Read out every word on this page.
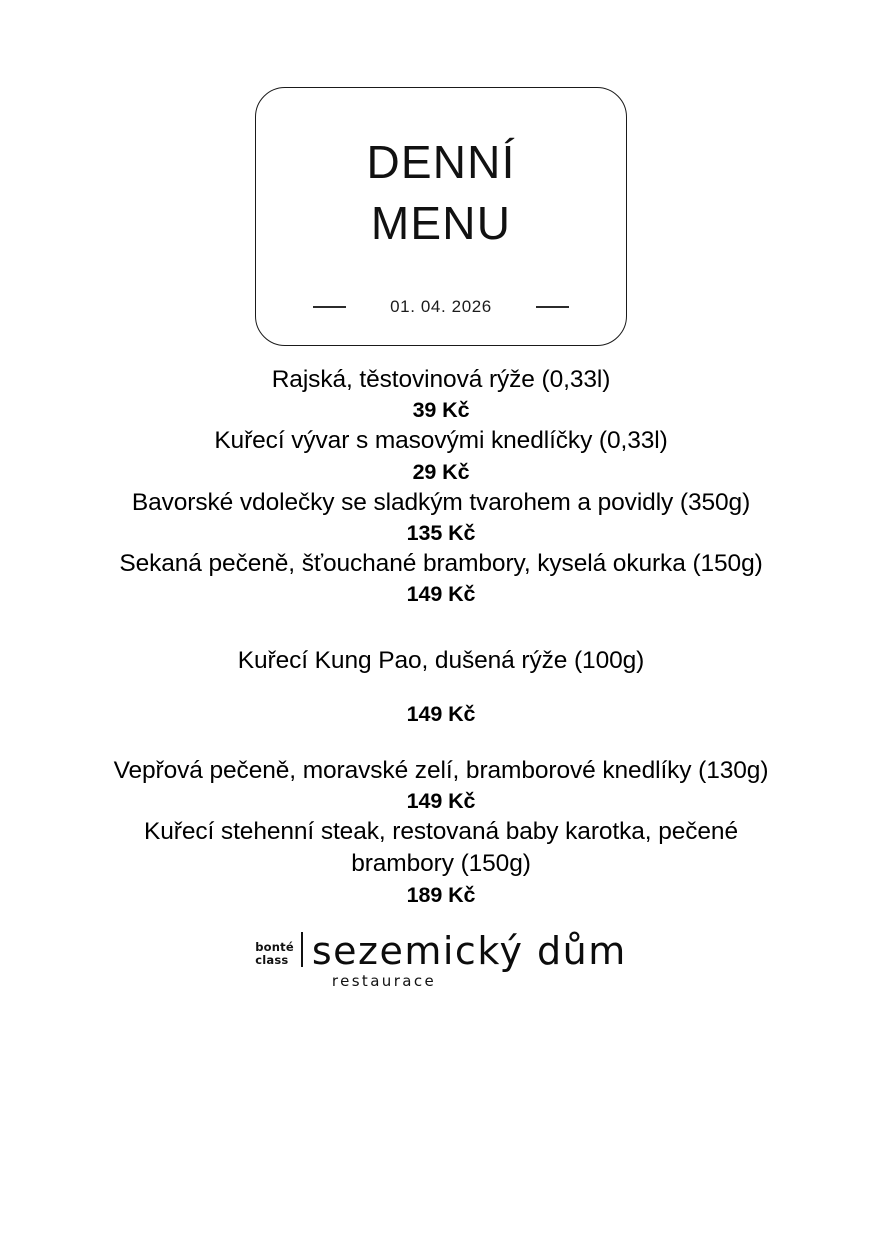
DENNÍ
MENU
01. 04. 2026
Rajská, těstovinová rýže (0,33l)
39 Kč
Kuřecí vývar s masovými knedlíčky (0,33l)
29 Kč
Bavorské vdolečky se sladkým tvarohem a povidly (350g)
135 Kč
Sekaná pečeně, šťouchané brambory, kyselá okurka (150g)
149 Kč
Kuřecí Kung Pao, dušená rýže (100g)
149 Kč
Vepřová pečeně, moravské zelí, bramborové knedlíky (130g)
149 Kč
Kuřecí stehenní steak, restovaná baby karotka, pečené brambory (150g)
189 Kč
bonté
class sezemický dům
restaurace
